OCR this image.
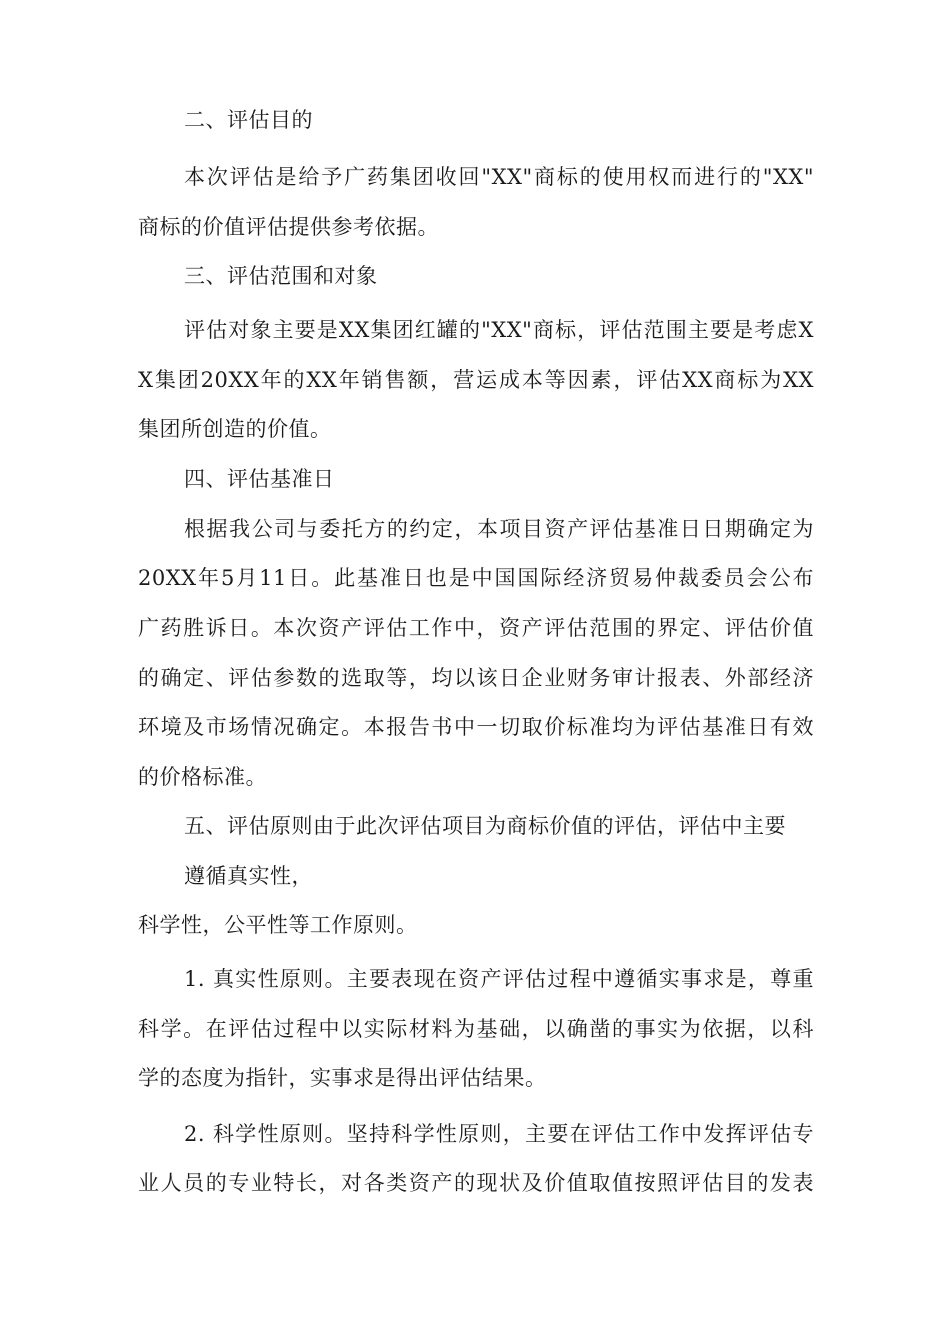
二、评估目的
本次评估是给予广药集团收回"XX"商标的使用权而进行的"XX"
商标的价值评估提供参考依据。
三、评估范围和对象
评估对象主要是XX集团红罐的"XX"商标，评估范围主要是考虑X
X集团20XX年的XX年销售额，营运成本等因素，评估XX商标为XX
集团所创造的价值。
四、评估基准日
根据我公司与委托方的约定，本项目资产评估基准日日期确定为
20XX年5月11日。此基准日也是中国国际经济贸易仲裁委员会公布
广药胜诉日。本次资产评估工作中，资产评估范围的界定、评估价值
的确定、评估参数的选取等，均以该日企业财务审计报表、外部经济
环境及市场情况确定。本报告书中一切取价标准均为评估基准日有效
的价格标准。
五、评估原则由于此次评估项目为商标价值的评估，评估中主要
遵循真实性，
科学性，公平性等工作原则。
1. 真实性原则。主要表现在资产评估过程中遵循实事求是，尊重
科学。在评估过程中以实际材料为基础，以确凿的事实为依据，以科
学的态度为指针，实事求是得出评估结果。
2. 科学性原则。坚持科学性原则，主要在评估工作中发挥评估专
业人员的专业特长，对各类资产的现状及价值取值按照评估目的发表
